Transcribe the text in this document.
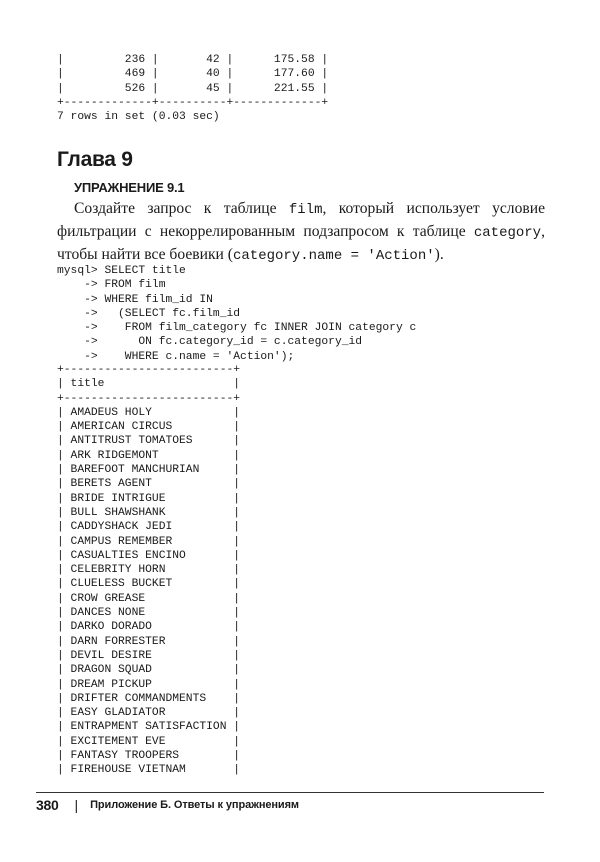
|         236 |       42 |      175.58 |
|         469 |       40 |      177.60 |
|         526 |       45 |      221.55 |
+-------------+----------+-------------+
7 rows in set (0.03 sec)
Глава 9
УПРАЖНЕНИЕ 9.1

Создайте запрос к таблице film, который использует условие фильтрации с некоррелированным подзапросом к таблице category, чтобы найти все боевики (category.name = 'Action').

mysql> SELECT title
-> FROM film
-> WHERE film_id IN
->   (SELECT fc.film_id
->    FROM film_category fc INNER JOIN category c
->      ON fc.category_id = c.category_id
->    WHERE c.name = 'Action');
+-------------------------+
| title                   |
+-------------------------+
| AMADEUS HOLY            |
| AMERICAN CIRCUS         |
| ANTITRUST TOMATOES      |
| ARK RIDGEMONT           |
| BAREFOOT MANCHURIAN     |
| BERETS AGENT            |
| BRIDE INTRIGUE          |
| BULL SHAWSHANK          |
| CADDYSHACK JEDI         |
| CAMPUS REMEMBER         |
| CASUALTIES ENCINO       |
| CELEBRITY HORN          |
| CLUELESS BUCKET         |
| CROW GREASE             |
| DANCES NONE             |
| DARKO DORADO            |
| DARN FORRESTER          |
| DEVIL DESIRE            |
| DRAGON SQUAD            |
| DREAM PICKUP            |
| DRIFTER COMMANDMENTS    |
| EASY GLADIATOR          |
| ENTRAPMENT SATISFACTION |
| EXCITEMENT EVE          |
| FANTASY TROOPERS        |
| FIREHOUSE VIETNAM       |
380 | Приложение Б. Ответы к упражнениям
